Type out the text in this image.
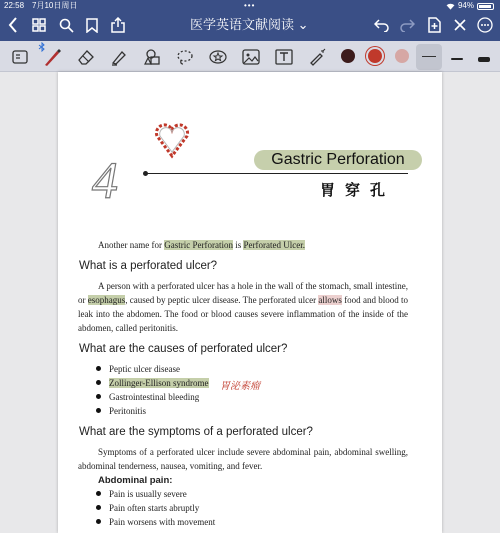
22:58 7月10日周日	•••	94%
医学英语文献阅读 ⌄
4	Gastric Perforation
胃穿孔
Another name for Gastric Perforation is Perforated Ulcer.
What is a perforated ulcer?
A person with a perforated ulcer has a hole in the wall of the stomach, small intestine, or esophagus, caused by peptic ulcer disease. The perforated ulcer allows food and blood to leak into the abdomen. The food or blood causes severe inflammation of the inside of the abdomen, called peritonitis.
What are the causes of perforated ulcer?
Peptic ulcer disease
Zollinger-Ellison syndrome
Gastrointestinal bleeding
Peritonitis
胃泌素瘤
What are the symptoms of a perforated ulcer?
Symptoms of a perforated ulcer include severe abdominal pain, abdominal swelling, abdominal tenderness, nausea, vomiting, and fever.
Abdominal pain:
Pain is usually severe
Pain often starts abruptly
Pain worsens with movement
